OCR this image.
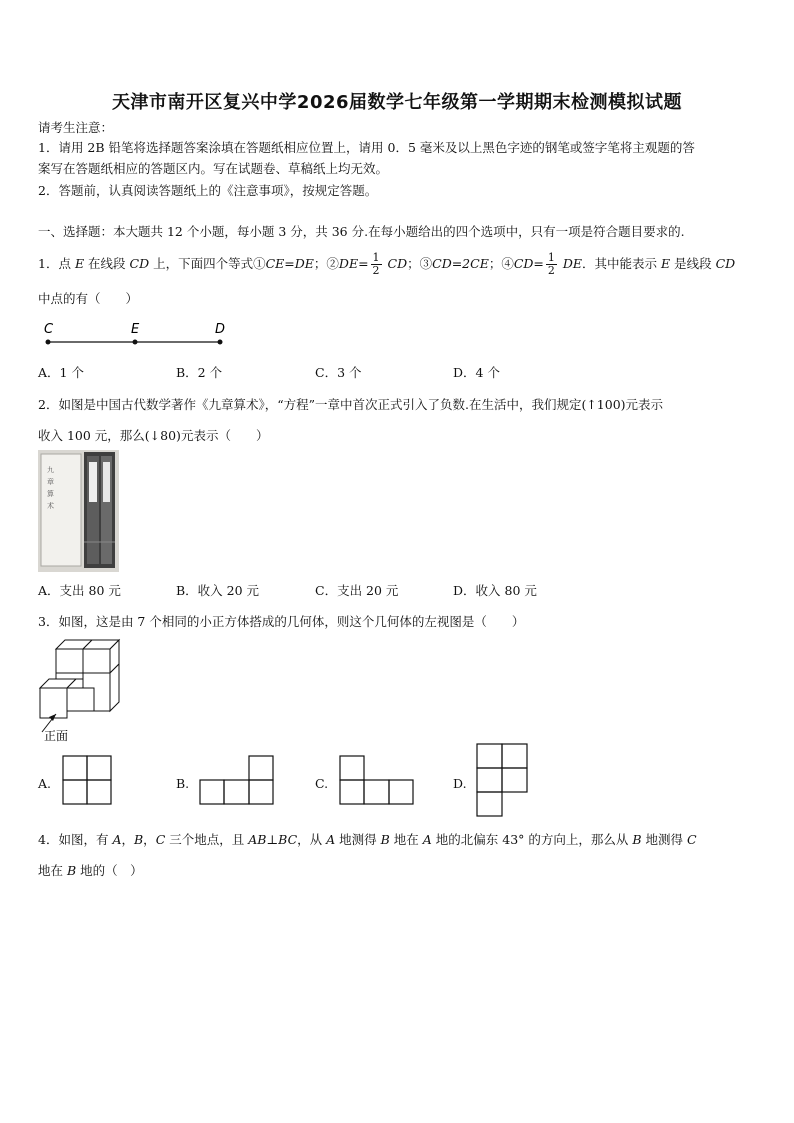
天津市南开区复兴中学2026届数学七年级第一学期期末检测模拟试题
请考生注意：
1．请用 2B 铅笔将选择题答案涂填在答题纸相应位置上，请用 0．5 毫米及以上黑色字迹的钢笔或签字笔将主观题的答
案写在答题纸相应的答题区内。写在试题卷、草稿纸上均无效。
2．答题前，认真阅读答题纸上的《注意事项》，按规定答题。
一、选择题：本大题共 12 个小题，每小题 3 分，共 36 分.在每小题给出的四个选项中，只有一项是符合题目要求的.
1．点 E 在线段 CD 上，下面四个等式①CE=DE；②DE= $\frac{1}{2}$ CD；③CD=2CE；④CD= $\frac{1}{2}$ DE．其中能表示 E 是线段 CD
中点的有（　　）
C	E	D
A．1 个	B．2 个	C．3 个	D．4 个
2．如图是中国古代数学著作《九章算术》，“方程”一章中首次正式引入了负数.在生活中，我们规定(↑100)元表示
收入 100 元，那么(↓80)元表示（　　）
九
章
算
术
A．支出 80 元	B．收入 20 元	C．支出 20 元	D．收入 80 元
3．如图，这是由 7 个相同的小正方体搭成的几何体，则这个几何体的左视图是（　　）
正面
A.	B.	C.	D.
4．如图，有 A，B，C 三个地点，且 AB⊥BC，从 A 地测得 B 地在 A 地的北偏东 43° 的方向上，那么从 B 地测得 C
地在 B 地的（　）
